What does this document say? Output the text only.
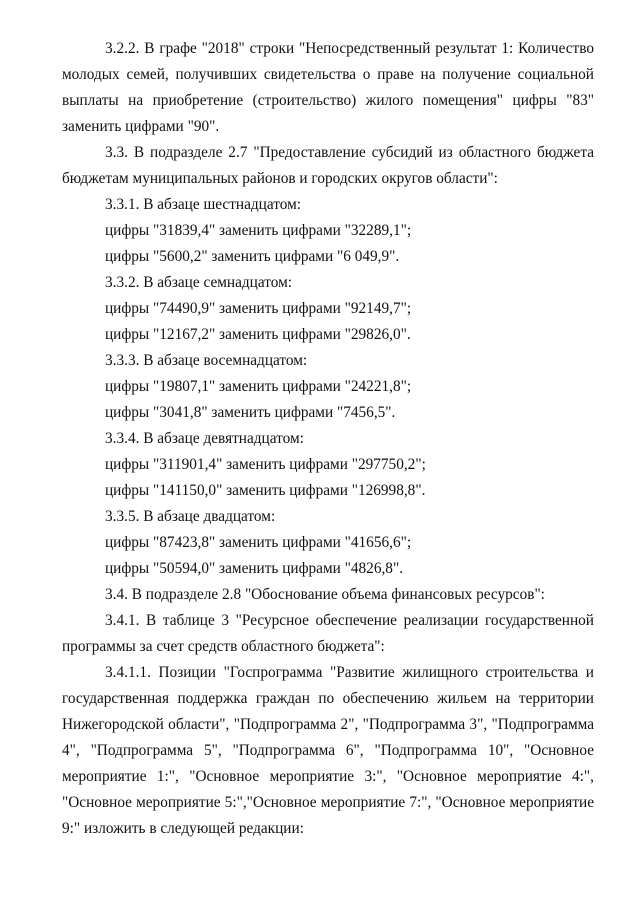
3.2.2. В графе "2018" строки "Непосредственный результат 1: Количество молодых семей, получивших свидетельства о праве на получение социальной выплаты на приобретение (строительство) жилого помещения" цифры "83" заменить цифрами "90".

3.3. В подразделе 2.7 "Предоставление субсидий из областного бюджета бюджетам муниципальных районов и городских округов области":

3.3.1. В абзаце шестнадцатом:

цифры "31839,4" заменить цифрами "32289,1";

цифры "5600,2" заменить цифрами "6 049,9".

3.3.2. В абзаце семнадцатом:

цифры "74490,9" заменить цифрами "92149,7";

цифры "12167,2" заменить цифрами "29826,0".

3.3.3. В абзаце восемнадцатом:

цифры "19807,1" заменить цифрами "24221,8";

цифры "3041,8" заменить цифрами "7456,5".

3.3.4. В абзаце девятнадцатом:

цифры "311901,4" заменить цифрами "297750,2";

цифры "141150,0" заменить цифрами "126998,8".

3.3.5. В абзаце двадцатом:

цифры "87423,8" заменить цифрами "41656,6";

цифры "50594,0" заменить цифрами "4826,8".

3.4. В подразделе 2.8 "Обоснование объема финансовых ресурсов":

3.4.1. В таблице 3 "Ресурсное обеспечение реализации государственной программы за счет средств областного бюджета":

3.4.1.1. Позиции "Госпрограмма "Развитие жилищного строительства и государственная поддержка граждан по обеспечению жильем на территории Нижегородской области", "Подпрограмма 2", "Подпрограмма 3", "Подпрограмма 4", "Подпрограмма 5", "Подпрограмма 6", "Подпрограмма 10", "Основное мероприятие 1:", "Основное мероприятие 3:", "Основное мероприятие 4:", "Основное мероприятие 5:","Основное мероприятие 7:", "Основное мероприятие 9:" изложить в следующей редакции:
